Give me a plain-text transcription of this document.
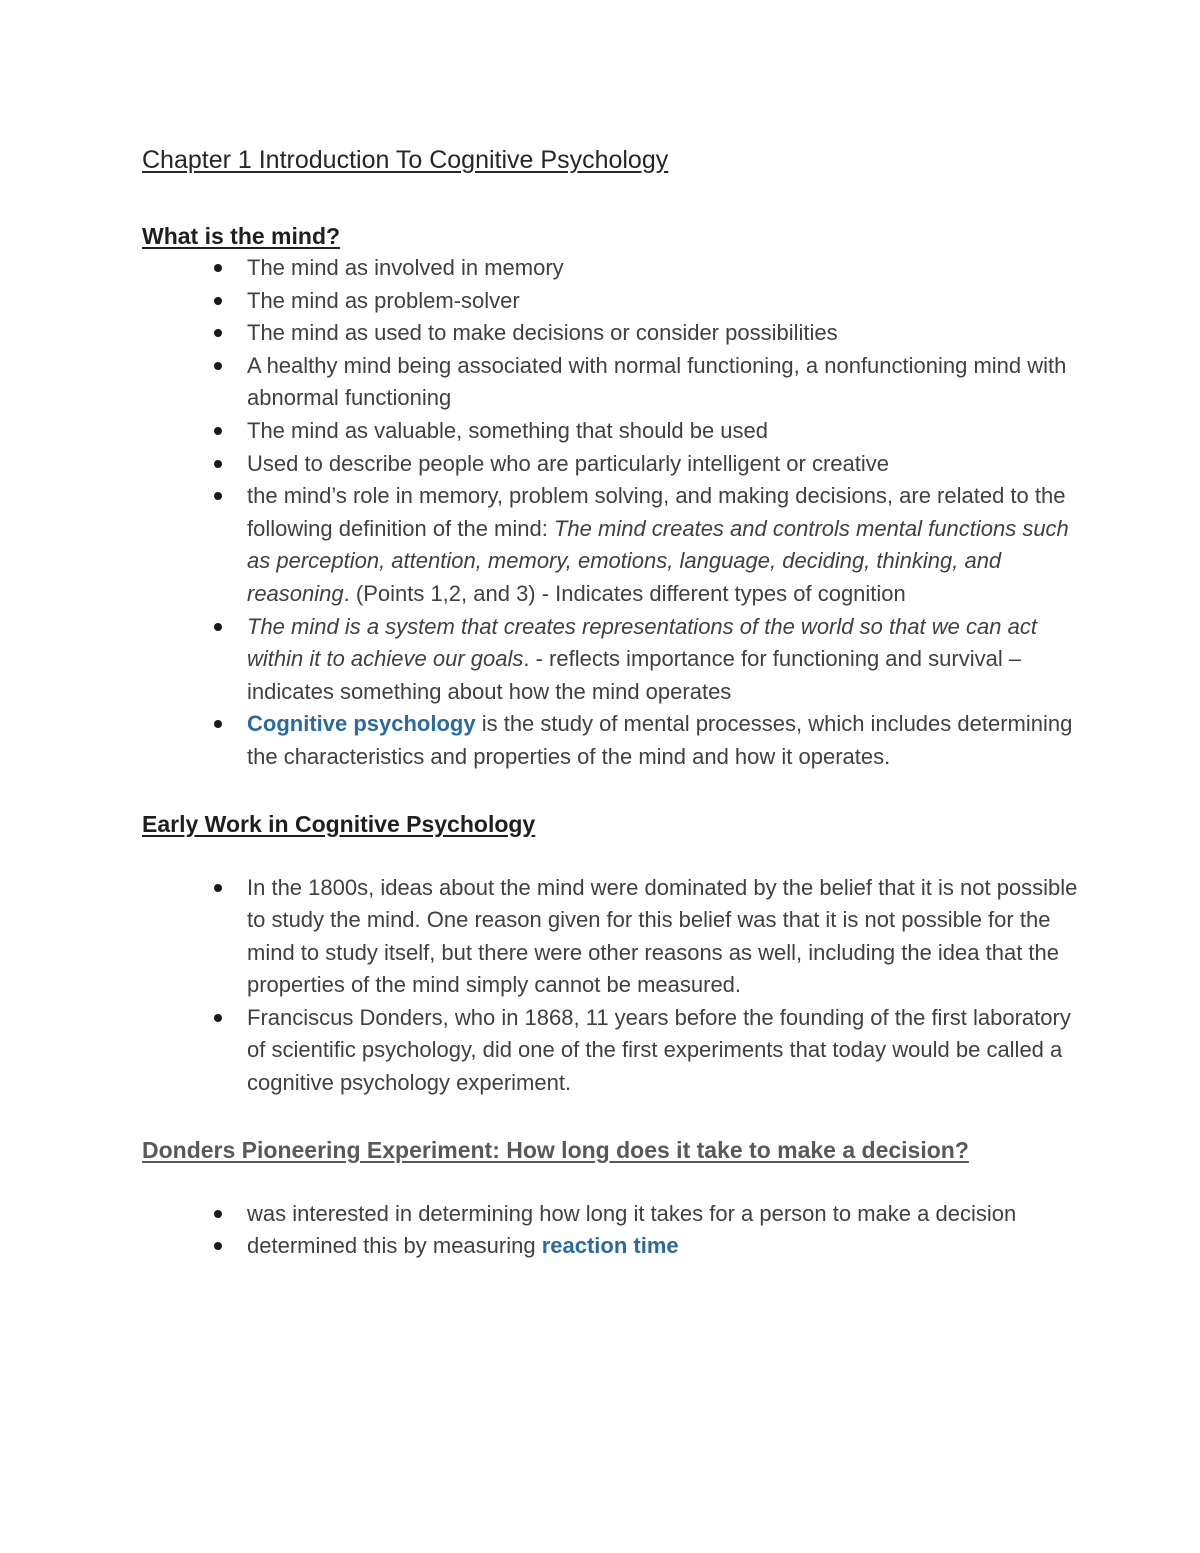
Chapter 1 Introduction To Cognitive Psychology
What is the mind?
The mind as involved in memory
The mind as problem-solver
The mind as used to make decisions or consider possibilities
A healthy mind being associated with normal functioning, a nonfunctioning mind with abnormal functioning
The mind as valuable, something that should be used
Used to describe people who are particularly intelligent or creative
the mind’s role in memory, problem solving, and making decisions, are related to the following definition of the mind: The mind creates and controls mental functions such as perception, attention, memory, emotions, language, deciding, thinking, and reasoning. (Points 1,2, and 3) - Indicates different types of cognition
The mind is a system that creates representations of the world so that we can act within it to achieve our goals. - reflects importance for functioning and survival – indicates something about how the mind operates
Cognitive psychology is the study of mental processes, which includes determining the characteristics and properties of the mind and how it operates.
Early Work in Cognitive Psychology
In the 1800s, ideas about the mind were dominated by the belief that it is not possible to study the mind. One reason given for this belief was that it is not possible for the mind to study itself, but there were other reasons as well, including the idea that the properties of the mind simply cannot be measured.
Franciscus Donders, who in 1868, 11 years before the founding of the first laboratory of scientific psychology, did one of the first experiments that today would be called a cognitive psychology experiment.
Donders Pioneering Experiment: How long does it take to make a decision?
was interested in determining how long it takes for a person to make a decision
determined this by measuring reaction time
